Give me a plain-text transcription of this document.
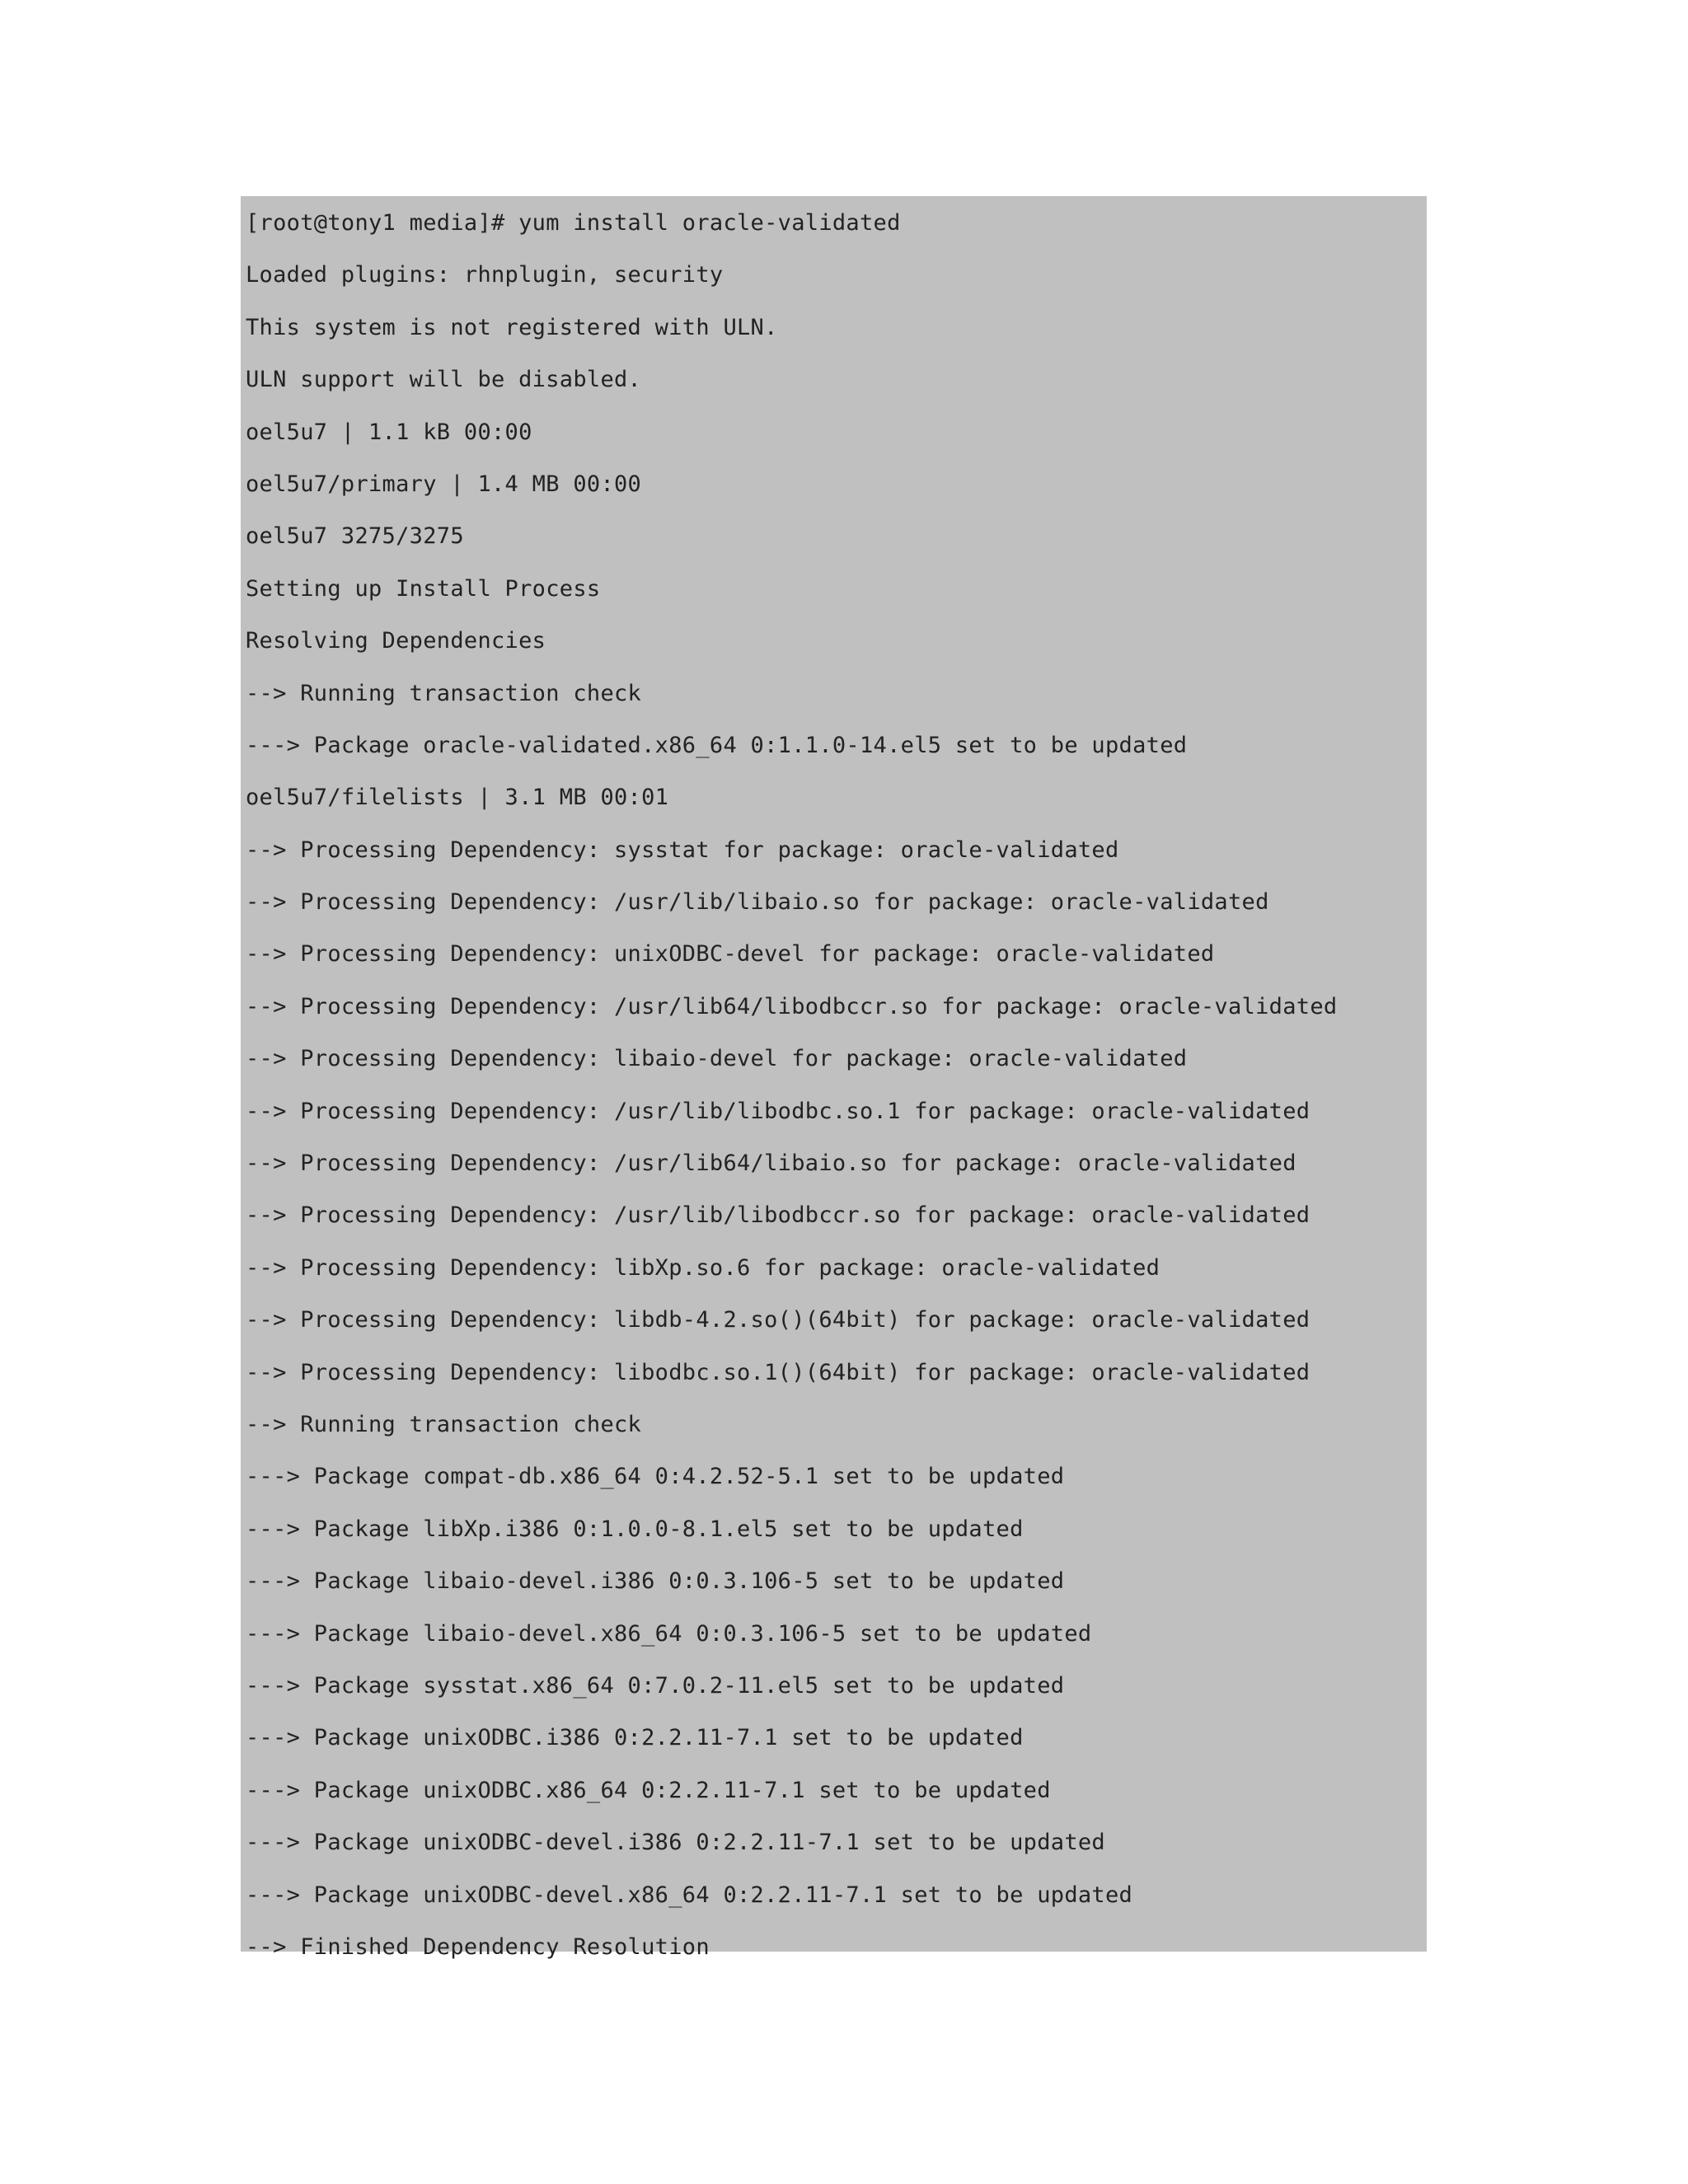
[root@tony1 media]# yum install oracle-validated
Loaded plugins: rhnplugin, security
This system is not registered with ULN.
ULN support will be disabled.
oel5u7 | 1.1 kB 00:00
oel5u7/primary | 1.4 MB 00:00
oel5u7 3275/3275
Setting up Install Process
Resolving Dependencies
--> Running transaction check
---> Package oracle-validated.x86_64 0:1.1.0-14.el5 set to be updated
oel5u7/filelists | 3.1 MB 00:01
--> Processing Dependency: sysstat for package: oracle-validated
--> Processing Dependency: /usr/lib/libaio.so for package: oracle-validated
--> Processing Dependency: unixODBC-devel for package: oracle-validated
--> Processing Dependency: /usr/lib64/libodbccr.so for package: oracle-validated
--> Processing Dependency: libaio-devel for package: oracle-validated
--> Processing Dependency: /usr/lib/libodbc.so.1 for package: oracle-validated
--> Processing Dependency: /usr/lib64/libaio.so for package: oracle-validated
--> Processing Dependency: /usr/lib/libodbccr.so for package: oracle-validated
--> Processing Dependency: libXp.so.6 for package: oracle-validated
--> Processing Dependency: libdb-4.2.so()(64bit) for package: oracle-validated
--> Processing Dependency: libodbc.so.1()(64bit) for package: oracle-validated
--> Running transaction check
---> Package compat-db.x86_64 0:4.2.52-5.1 set to be updated
---> Package libXp.i386 0:1.0.0-8.1.el5 set to be updated
---> Package libaio-devel.i386 0:0.3.106-5 set to be updated
---> Package libaio-devel.x86_64 0:0.3.106-5 set to be updated
---> Package sysstat.x86_64 0:7.0.2-11.el5 set to be updated
---> Package unixODBC.i386 0:2.2.11-7.1 set to be updated
---> Package unixODBC.x86_64 0:2.2.11-7.1 set to be updated
---> Package unixODBC-devel.i386 0:2.2.11-7.1 set to be updated
---> Package unixODBC-devel.x86_64 0:2.2.11-7.1 set to be updated
--> Finished Dependency Resolution
